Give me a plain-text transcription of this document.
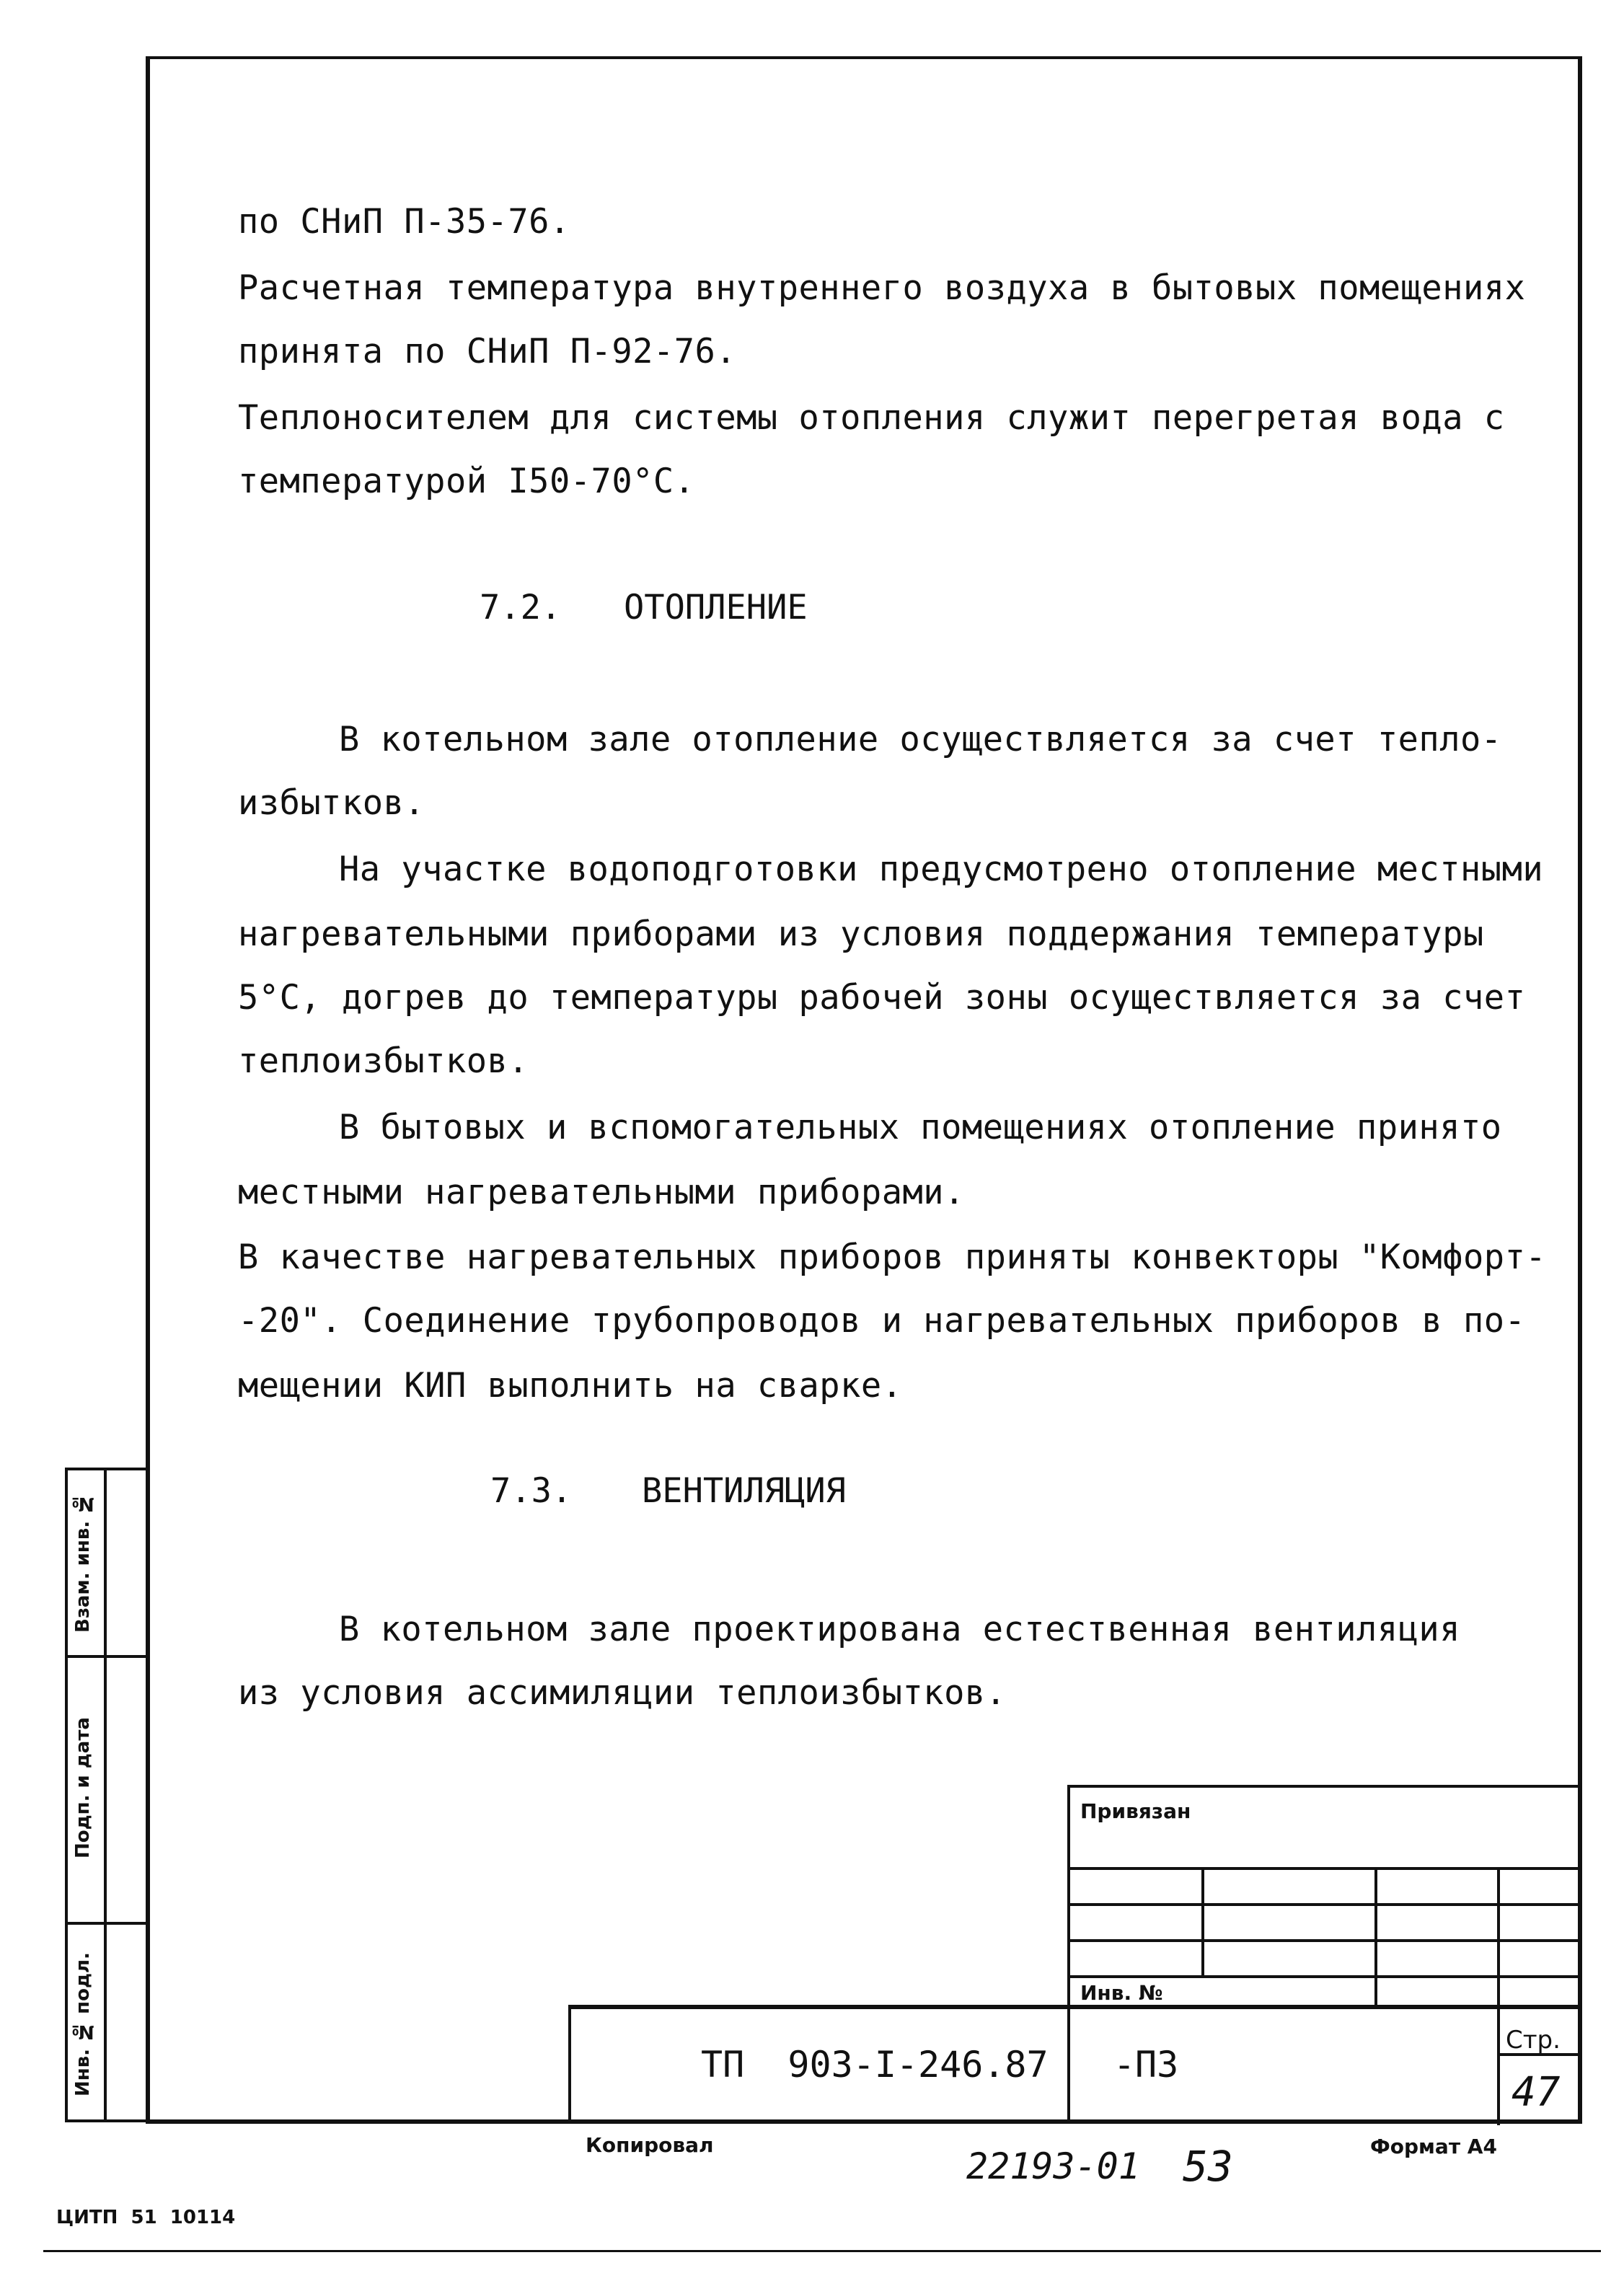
по СНиП П-35-76.
Расчетная температура внутреннего воздуха в бытовых помещениях
принята по СНиП П-92-76.
Теплоносителем для системы отопления служит перегретая вода с
температурой I50-70°С.
7.2. ОТОПЛЕНИЕ
В котельном зале отопление осуществляется за счет тепло-
избытков.
На участке водоподготовки предусмотрено отопление местными
нагревательными приборами из условия поддержания температуры
5°С, догрев до температуры рабочей зоны осуществляется за счет
теплоизбытков.
В бытовых и вспомогательных помещениях отопление принято
местными нагревательными приборами.
В качестве нагревательных приборов приняты конвекторы "Комфорт-
-20". Соединение трубопроводов и нагревательных приборов в по-
мещении КИП выполнить на сварке.
7.3. ВЕНТИЛЯЦИЯ
В котельном зале проектирована естественная вентиляция
из условия ассимиляции теплоизбытков.
Взам. инв. №
Подп. и дата
Инв. № подл.
Привязан
Инв. №
Стр.
47
ТП  903-I-246.87   -ПЗ
Копировал
22193-01 53	Формат А4
ЦИТП  51  10114
